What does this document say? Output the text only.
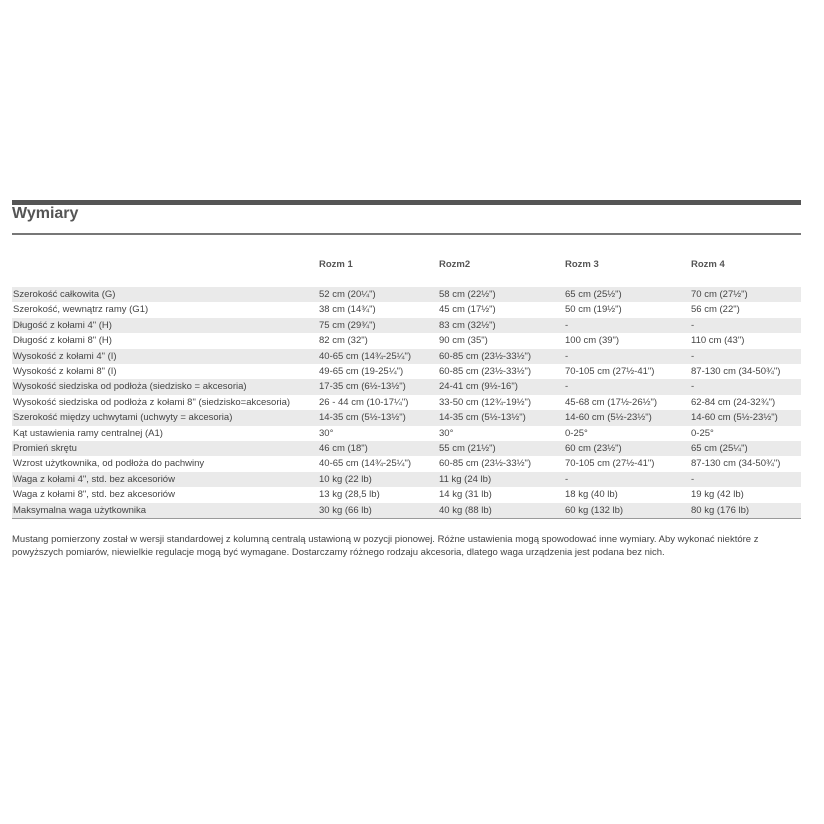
Wymiary
	Rozm 1	Rozm2	Rozm 3	Rozm 4

Szerokość całkowita (G)	52 cm (20¼")	58 cm (22½")	65 cm (25½")	70 cm (27½")
Szerokość, wewnątrz ramy (G1)	38 cm (14¾")	45 cm (17½")	50 cm (19½")	56 cm (22")
Długość z kołami 4" (H)	75 cm (29¾")	83 cm (32½")	-	-
Długość z kołami 8" (H)	82 cm (32")	90 cm (35")	100 cm (39")	110 cm (43")
Wysokość z kołami 4" (I)	40-65 cm (14¾-25¼")	60-85 cm (23½-33½")	-	-
Wysokość z kołami 8" (I)	49-65 cm (19-25¼")	60-85 cm (23½-33½")	70-105 cm (27½-41")	87-130 cm (34-50¾")
Wysokość siedziska od podłoża (siedzisko = akcesoria)	17-35 cm (6½-13½")	24-41 cm (9½-16")	-	-
Wysokość siedziska od podłoża z kołami 8" (siedzisko=akcesoria)	26 - 44 cm (10-17¼")	33-50 cm (12¾-19½")	45-68 cm (17½-26½")	62-84 cm (24-32¾")
Szerokość między uchwytami (uchwyty = akcesoria)	14-35 cm (5½-13½")	14-35 cm (5½-13½")	14-60 cm (5½-23½")	14-60 cm (5½-23½")
Kąt ustawienia ramy centralnej (A1)	30°	30°	0-25°	0-25°
Promień skrętu	46 cm (18")	55 cm (21½")	60 cm (23½")	65 cm (25¼")
Wzrost użytkownika, od podłoża do pachwiny	40-65 cm (14¾-25¼")	60-85 cm (23½-33½")	70-105 cm (27½-41")	87-130 cm (34-50¾")
Waga z kołami 4", std. bez akcesoriów	10 kg (22 lb)	11 kg (24 lb)	-	-
Waga z kołami 8", std. bez akcesoriów	13 kg (28,5 lb)	14 kg (31 lb)	18 kg (40 lb)	19 kg (42 lb)
Maksymalna waga użytkownika	30 kg (66 lb)	40 kg (88 lb)	60 kg (132 lb)	80 kg (176 lb)
Mustang pomierzony został w wersji standardowej z kolumną centralą ustawioną w pozycji pionowej. Różne ustawienia mogą spowodować inne wymiary. Aby wykonać niektóre z powyższych pomiarów, niewielkie regulacje mogą być wymagane. Dostarczamy różnego rodzaju akcesoria, dlatego waga urządzenia jest podana bez nich.
